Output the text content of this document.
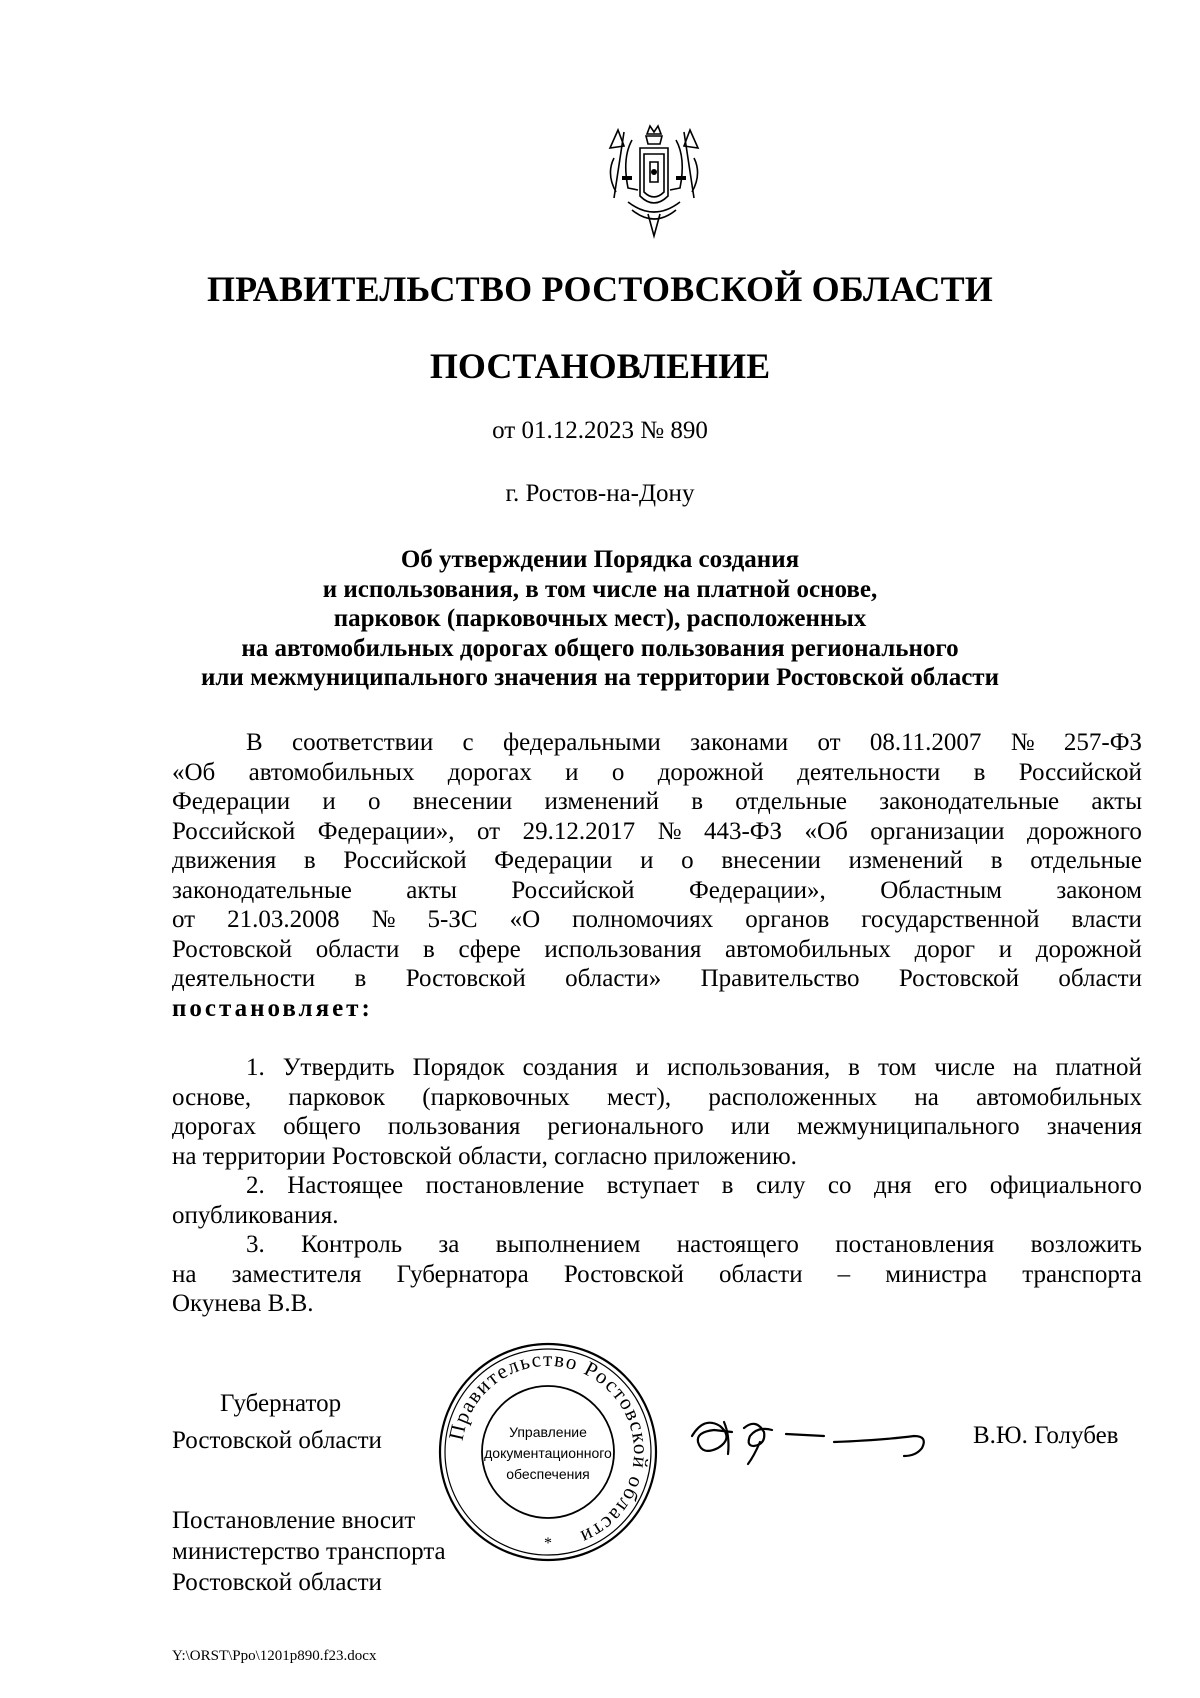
ПРАВИТЕЛЬСТВО РОСТОВСКОЙ ОБЛАСТИ
ПОСТАНОВЛЕНИЕ
от 01.12.2023 № 890
г. Ростов-на-Дону
Об утверждении Порядка создания
и использования, в том числе на платной основе,
парковок (парковочных мест), расположенных
на автомобильных дорогах общего пользования регионального
или межмуниципального значения на территории Ростовской области
В соответствии с федеральными законами от 08.11.2007 № 257-ФЗ
«Об автомобильных дорогах и о дорожной деятельности в Российской
Федерации и о внесении изменений в отдельные законодательные акты
Российской Федерации», от 29.12.2017 № 443-ФЗ «Об организации дорожного
движения в Российской Федерации и о внесении изменений в отдельные
законодательные акты Российской Федерации», Областным законом
от 21.03.2008 № 5-ЗС «О полномочиях органов государственной власти
Ростовской области в сфере использования автомобильных дорог и дорожной
деятельности в Ростовской области» Правительство Ростовской области
постановляет:
1. Утвердить Порядок создания и использования, в том числе на платной
основе, парковок (парковочных мест), расположенных на автомобильных
дорогах общего пользования регионального или межмуниципального значения
на территории Ростовской области, согласно приложению.
2. Настоящее постановление вступает в силу со дня его официального
опубликования.
3. Контроль за выполнением настоящего постановления возложить
на заместителя Губернатора Ростовской области – министра транспорта
Окунева В.В.
Губернатор
Ростовской области	Правительство Ростовской области
Управление
документационного
обеспечения
*
В.Ю. Голубев
Постановление вносит
министерство транспорта
Ростовской области
Y:\ORST\Ppo\1201p890.f23.docx
